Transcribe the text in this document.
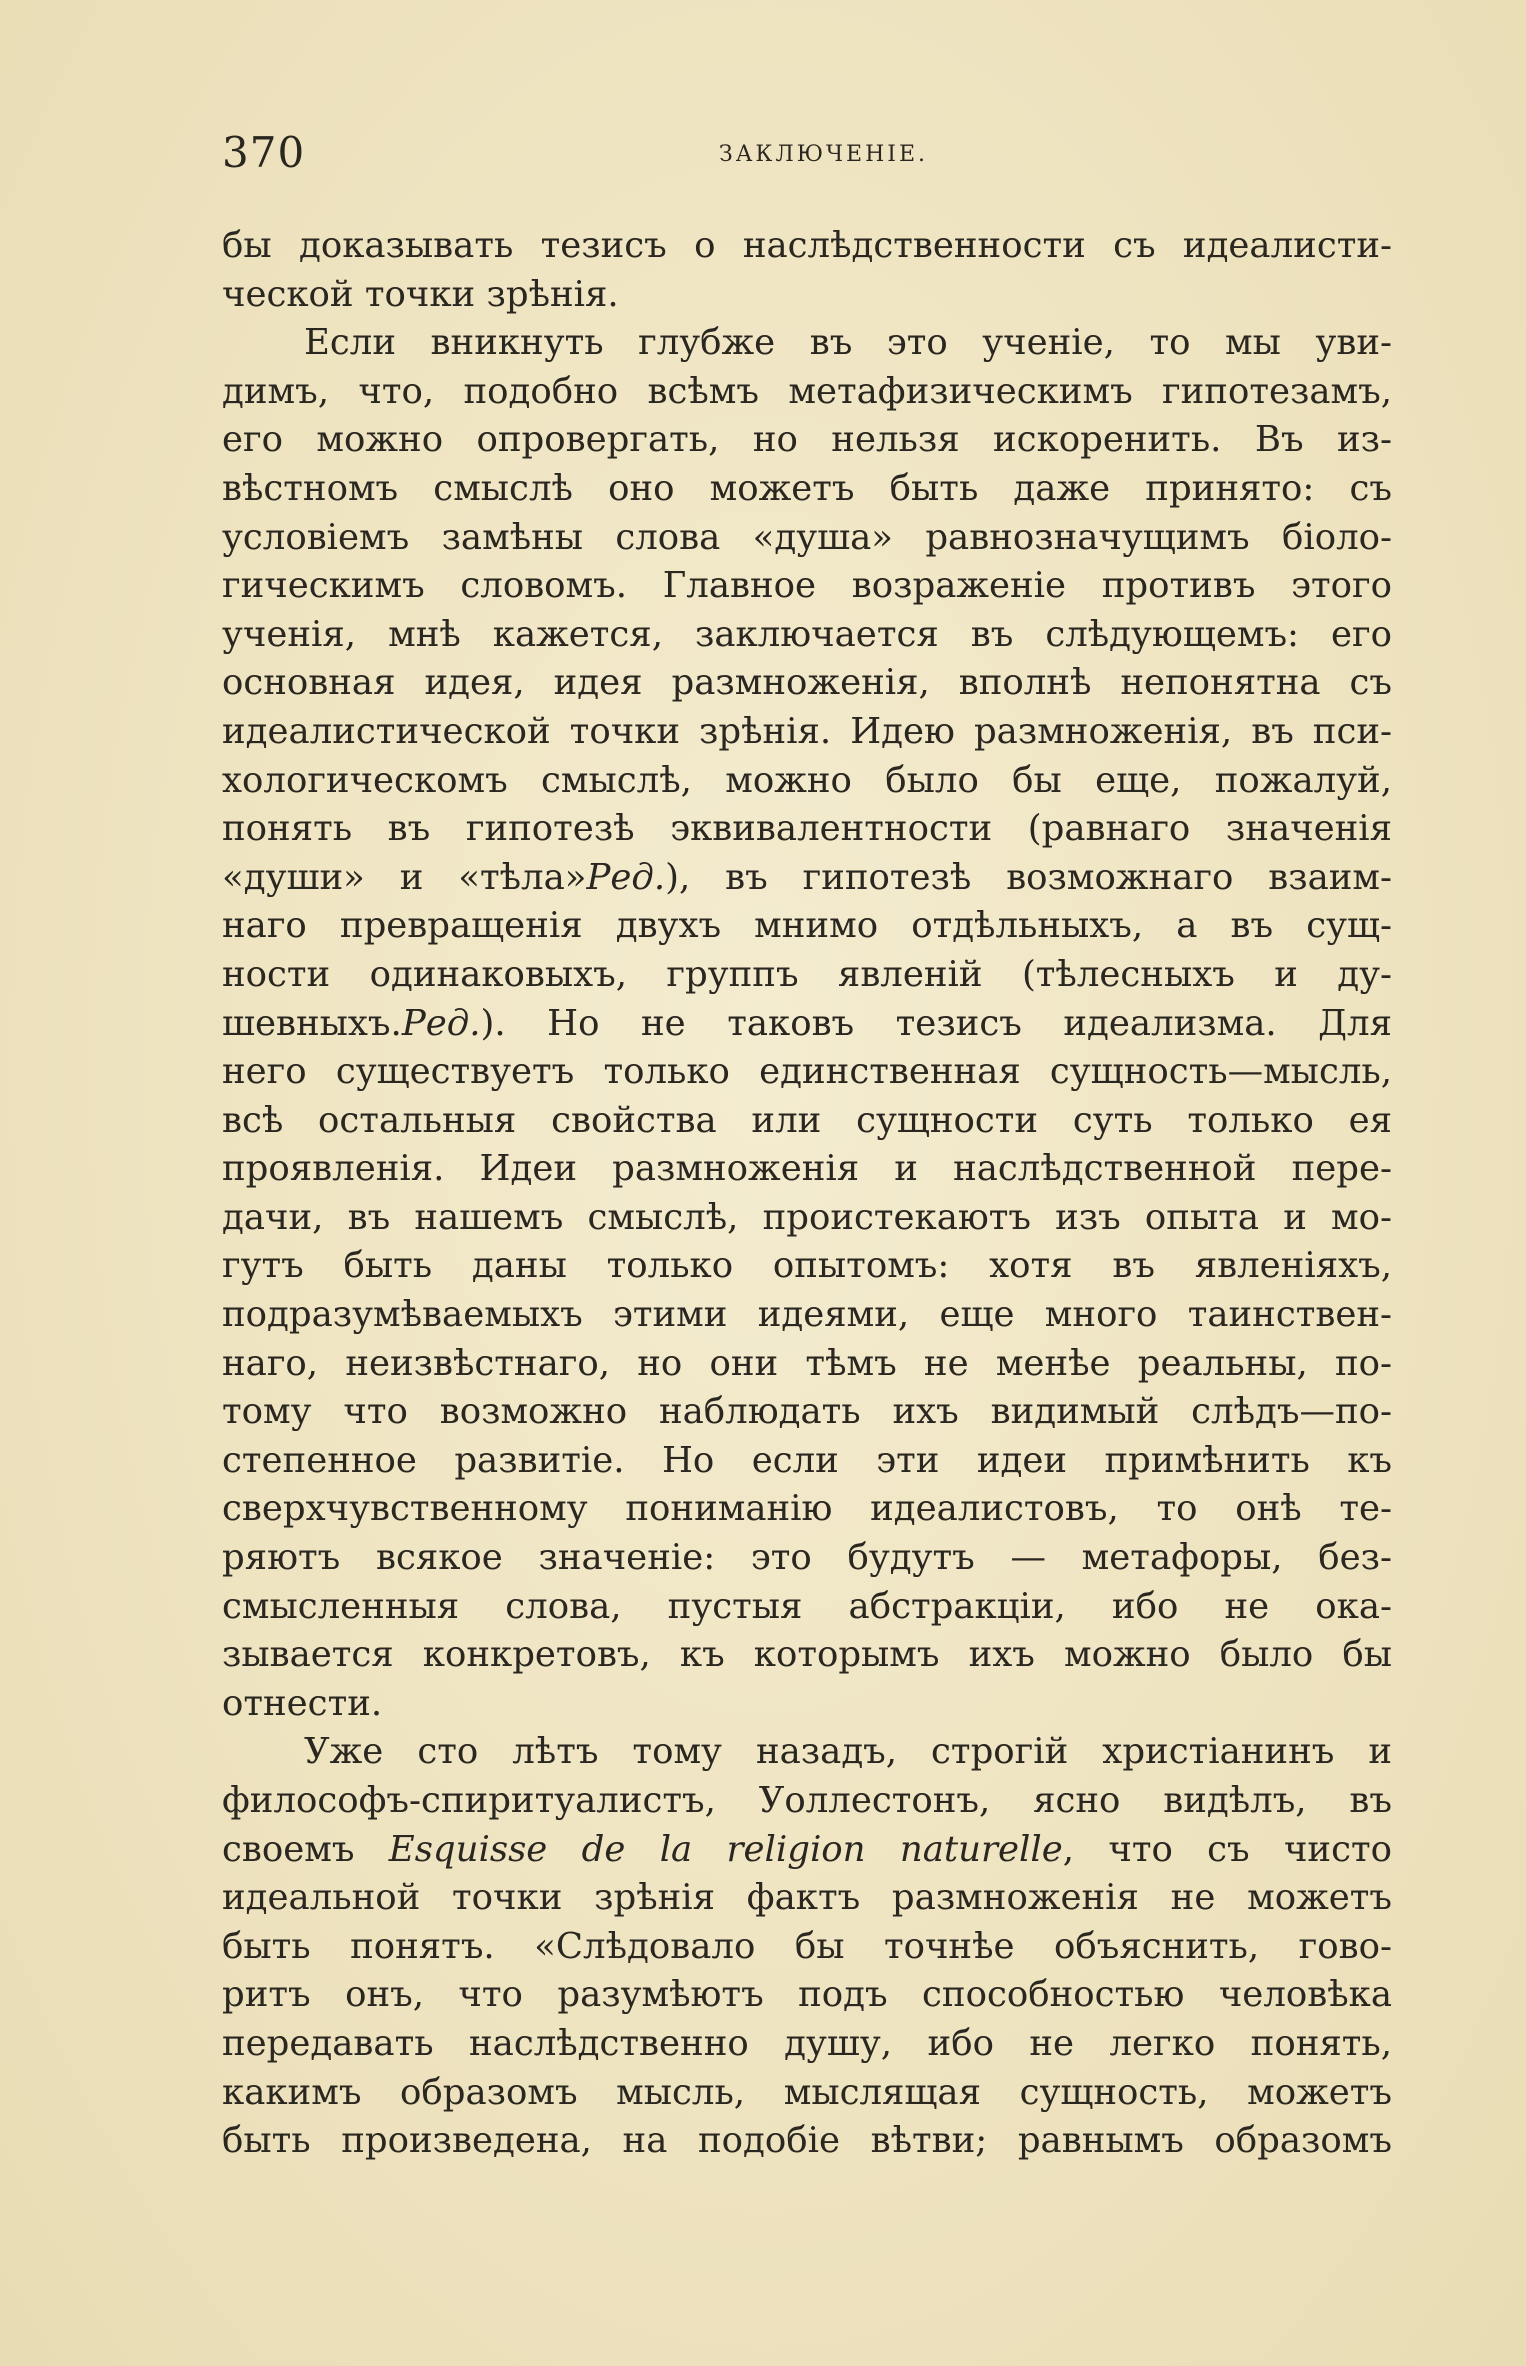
370	ЗАКЛЮЧЕНІЕ.
бы доказывать тезисъ о наслѣдственности съ идеалисти-
ческой точки зрѣнія.
Если вникнуть глубже въ это ученіе, то мы уви-
димъ, что, подобно всѣмъ метафизическимъ гипотезамъ,
его можно опровергать, но нельзя искоренить. Въ из-
вѣстномъ смыслѣ оно можетъ быть даже принято: съ
условіемъ замѣны слова «душа» равнозначущимъ біоло-
гическимъ словомъ. Главное возраженіе противъ этого
ученія, мнѣ кажется, заключается въ слѣдующемъ: его
основная идея, идея размноженія, вполнѣ непонятна съ
идеалистической точки зрѣнія. Идею размноженія, въ пси-
хологическомъ смыслѣ, можно было бы еще, пожалуй,
понять въ гипотезѣ эквивалентности (равнаго значенія
«души» и «тѣла»Ред.), въ гипотезѣ возможнаго взаим-
наго превращенія двухъ мнимо отдѣльныхъ, а въ сущ-
ности одинаковыхъ, группъ явленій (тѣлесныхъ и ду-
шевныхъ.Ред.). Но не таковъ тезисъ идеализма. Для
него существуетъ только единственная сущность—мысль,
всѣ остальныя свойства или сущности суть только ея
проявленія. Идеи размноженія и наслѣдственной пере-
дачи, въ нашемъ смыслѣ, проистекаютъ изъ опыта и мо-
гутъ быть даны только опытомъ: хотя въ явленіяхъ,
подразумѣваемыхъ этими идеями, еще много таинствен-
наго, неизвѣстнаго, но они тѣмъ не менѣе реальны, по-
тому что возможно наблюдать ихъ видимый слѣдъ—по-
степенное развитіе. Но если эти идеи примѣнить къ
сверхчувственному пониманію идеалистовъ, то онѣ те-
ряютъ всякое значеніе: это будутъ — метафоры, без-
смысленныя слова, пустыя абстракціи, ибо не ока-
зывается конкретовъ, къ которымъ ихъ можно было бы
отнести.
Уже сто лѣтъ тому назадъ, строгій христіанинъ и
философъ-спиритуалистъ, Уоллестонъ, ясно видѣлъ, въ
своемъ Esquisse de la religion naturelle, что съ чисто
идеальной точки зрѣнія фактъ размноженія не можетъ
быть понятъ. «Слѣдовало бы точнѣе объяснить, гово-
ритъ онъ, что разумѣютъ подъ способностью человѣка
передавать наслѣдственно душу, ибо не легко понять,
какимъ образомъ мысль, мыслящая сущность, можетъ
быть произведена, на подобіе вѣтви; равнымъ образомъ
